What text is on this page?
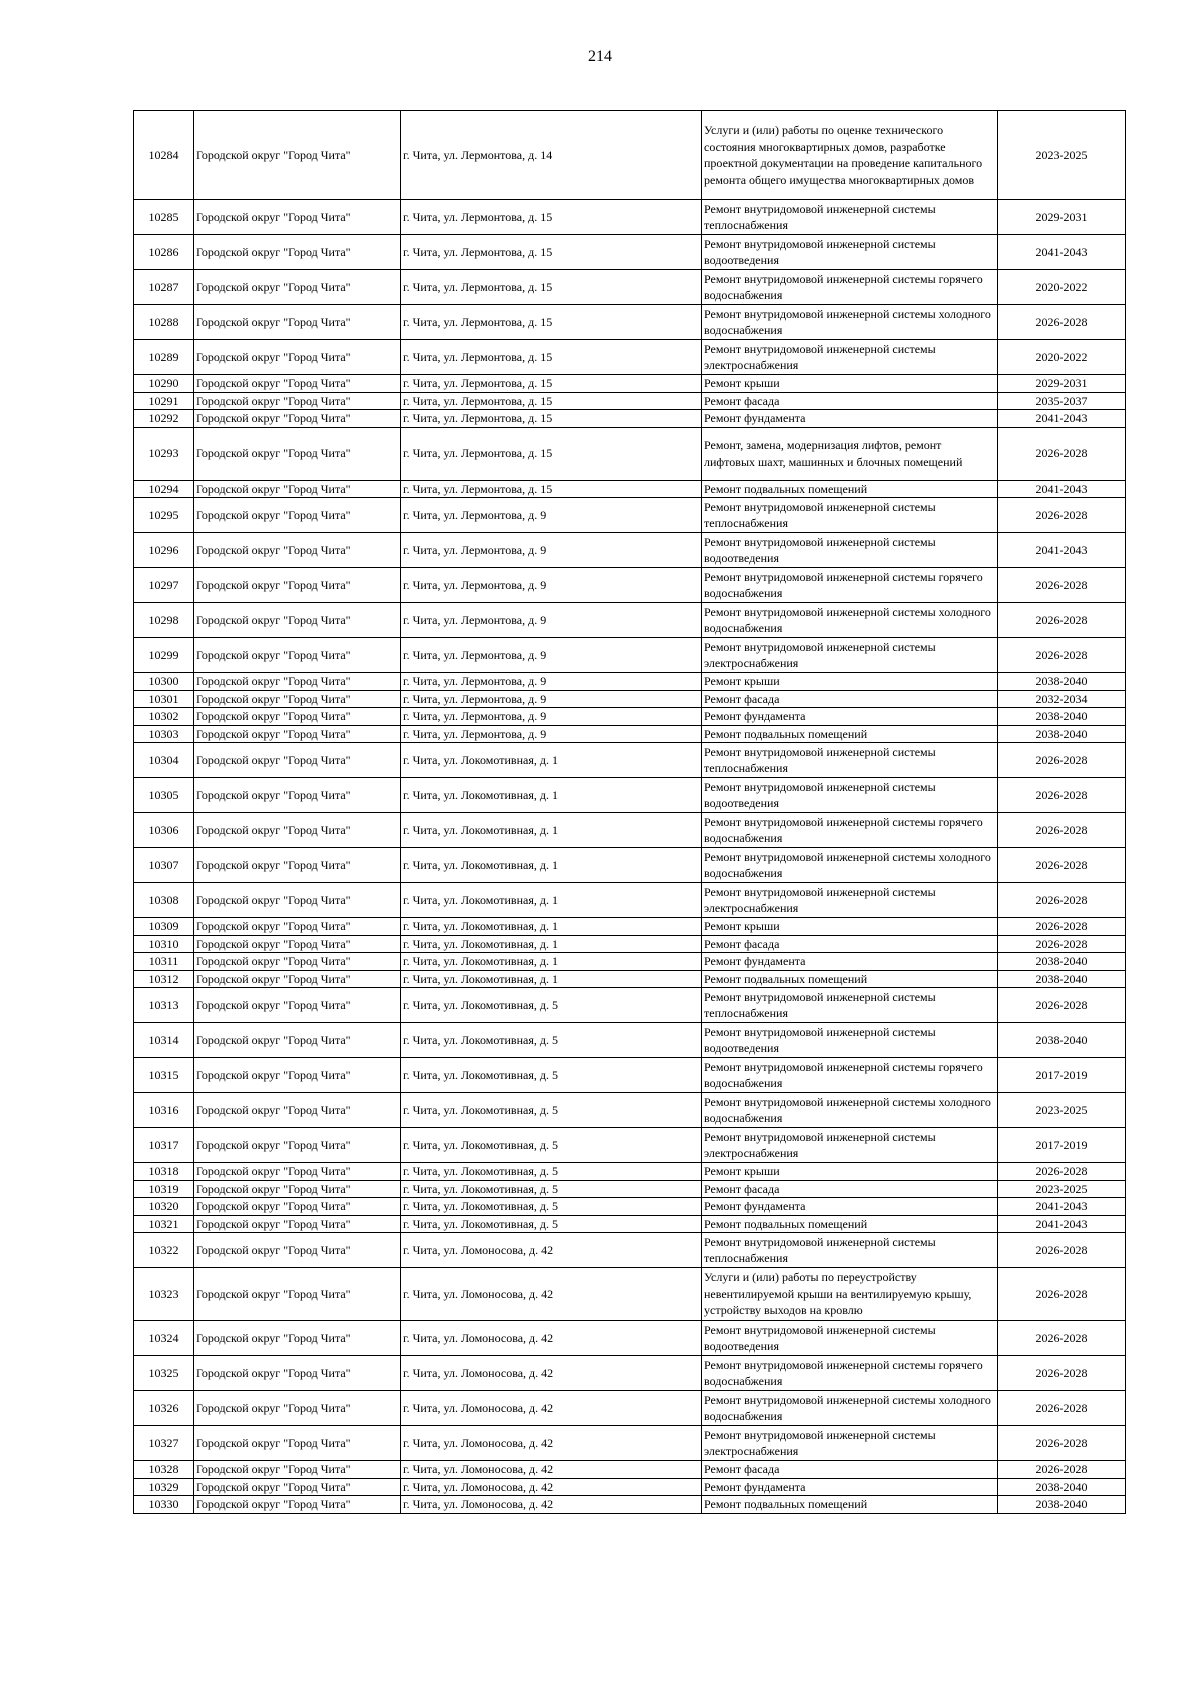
214
10284	Городской округ "Город Чита"	г. Чита, ул. Лермонтова, д. 14	Услуги и (или) работы по оценке технического состояния многоквартирных домов, разработке проектной документации на проведение капитального ремонта общего имущества многоквартирных домов	2023-2025
10285	Городской округ "Город Чита"	г. Чита, ул. Лермонтова, д. 15	Ремонт внутридомовой инженерной системы теплоснабжения	2029-2031
10286	Городской округ "Город Чита"	г. Чита, ул. Лермонтова, д. 15	Ремонт внутридомовой инженерной системы водоотведения	2041-2043
10287	Городской округ "Город Чита"	г. Чита, ул. Лермонтова, д. 15	Ремонт внутридомовой инженерной системы горячего водоснабжения	2020-2022
10288	Городской округ "Город Чита"	г. Чита, ул. Лермонтова, д. 15	Ремонт внутридомовой инженерной системы холодного водоснабжения	2026-2028
10289	Городской округ "Город Чита"	г. Чита, ул. Лермонтова, д. 15	Ремонт внутридомовой инженерной системы электроснабжения	2020-2022
10290	Городской округ "Город Чита"	г. Чита, ул. Лермонтова, д. 15	Ремонт крыши	2029-2031
10291	Городской округ "Город Чита"	г. Чита, ул. Лермонтова, д. 15	Ремонт фасада	2035-2037
10292	Городской округ "Город Чита"	г. Чита, ул. Лермонтова, д. 15	Ремонт фундамента	2041-2043
10293	Городской округ "Город Чита"	г. Чита, ул. Лермонтова, д. 15	Ремонт, замена, модернизация лифтов, ремонт лифтовых шахт, машинных и блочных помещений	2026-2028
10294	Городской округ "Город Чита"	г. Чита, ул. Лермонтова, д. 15	Ремонт подвальных помещений	2041-2043
10295	Городской округ "Город Чита"	г. Чита, ул. Лермонтова, д. 9	Ремонт внутридомовой инженерной системы теплоснабжения	2026-2028
10296	Городской округ "Город Чита"	г. Чита, ул. Лермонтова, д. 9	Ремонт внутридомовой инженерной системы водоотведения	2041-2043
10297	Городской округ "Город Чита"	г. Чита, ул. Лермонтова, д. 9	Ремонт внутридомовой инженерной системы горячего водоснабжения	2026-2028
10298	Городской округ "Город Чита"	г. Чита, ул. Лермонтова, д. 9	Ремонт внутридомовой инженерной системы холодного водоснабжения	2026-2028
10299	Городской округ "Город Чита"	г. Чита, ул. Лермонтова, д. 9	Ремонт внутридомовой инженерной системы электроснабжения	2026-2028
10300	Городской округ "Город Чита"	г. Чита, ул. Лермонтова, д. 9	Ремонт крыши	2038-2040
10301	Городской округ "Город Чита"	г. Чита, ул. Лермонтова, д. 9	Ремонт фасада	2032-2034
10302	Городской округ "Город Чита"	г. Чита, ул. Лермонтова, д. 9	Ремонт фундамента	2038-2040
10303	Городской округ "Город Чита"	г. Чита, ул. Лермонтова, д. 9	Ремонт подвальных помещений	2038-2040
10304	Городской округ "Город Чита"	г. Чита, ул. Локомотивная, д. 1	Ремонт внутридомовой инженерной системы теплоснабжения	2026-2028
10305	Городской округ "Город Чита"	г. Чита, ул. Локомотивная, д. 1	Ремонт внутридомовой инженерной системы водоотведения	2026-2028
10306	Городской округ "Город Чита"	г. Чита, ул. Локомотивная, д. 1	Ремонт внутридомовой инженерной системы горячего водоснабжения	2026-2028
10307	Городской округ "Город Чита"	г. Чита, ул. Локомотивная, д. 1	Ремонт внутридомовой инженерной системы холодного водоснабжения	2026-2028
10308	Городской округ "Город Чита"	г. Чита, ул. Локомотивная, д. 1	Ремонт внутридомовой инженерной системы электроснабжения	2026-2028
10309	Городской округ "Город Чита"	г. Чита, ул. Локомотивная, д. 1	Ремонт крыши	2026-2028
10310	Городской округ "Город Чита"	г. Чита, ул. Локомотивная, д. 1	Ремонт фасада	2026-2028
10311	Городской округ "Город Чита"	г. Чита, ул. Локомотивная, д. 1	Ремонт фундамента	2038-2040
10312	Городской округ "Город Чита"	г. Чита, ул. Локомотивная, д. 1	Ремонт подвальных помещений	2038-2040
10313	Городской округ "Город Чита"	г. Чита, ул. Локомотивная, д. 5	Ремонт внутридомовой инженерной системы теплоснабжения	2026-2028
10314	Городской округ "Город Чита"	г. Чита, ул. Локомотивная, д. 5	Ремонт внутридомовой инженерной системы водоотведения	2038-2040
10315	Городской округ "Город Чита"	г. Чита, ул. Локомотивная, д. 5	Ремонт внутридомовой инженерной системы горячего водоснабжения	2017-2019
10316	Городской округ "Город Чита"	г. Чита, ул. Локомотивная, д. 5	Ремонт внутридомовой инженерной системы холодного водоснабжения	2023-2025
10317	Городской округ "Город Чита"	г. Чита, ул. Локомотивная, д. 5	Ремонт внутридомовой инженерной системы электроснабжения	2017-2019
10318	Городской округ "Город Чита"	г. Чита, ул. Локомотивная, д. 5	Ремонт крыши	2026-2028
10319	Городской округ "Город Чита"	г. Чита, ул. Локомотивная, д. 5	Ремонт фасада	2023-2025
10320	Городской округ "Город Чита"	г. Чита, ул. Локомотивная, д. 5	Ремонт фундамента	2041-2043
10321	Городской округ "Город Чита"	г. Чита, ул. Локомотивная, д. 5	Ремонт подвальных помещений	2041-2043
10322	Городской округ "Город Чита"	г. Чита, ул. Ломоносова, д. 42	Ремонт внутридомовой инженерной системы теплоснабжения	2026-2028
10323	Городской округ "Город Чита"	г. Чита, ул. Ломоносова, д. 42	Услуги и (или) работы по переустройству невентилируемой крыши на вентилируемую крышу, устройству выходов на кровлю	2026-2028
10324	Городской округ "Город Чита"	г. Чита, ул. Ломоносова, д. 42	Ремонт внутридомовой инженерной системы водоотведения	2026-2028
10325	Городской округ "Город Чита"	г. Чита, ул. Ломоносова, д. 42	Ремонт внутридомовой инженерной системы горячего водоснабжения	2026-2028
10326	Городской округ "Город Чита"	г. Чита, ул. Ломоносова, д. 42	Ремонт внутридомовой инженерной системы холодного водоснабжения	2026-2028
10327	Городской округ "Город Чита"	г. Чита, ул. Ломоносова, д. 42	Ремонт внутридомовой инженерной системы электроснабжения	2026-2028
10328	Городской округ "Город Чита"	г. Чита, ул. Ломоносова, д. 42	Ремонт фасада	2026-2028
10329	Городской округ "Город Чита"	г. Чита, ул. Ломоносова, д. 42	Ремонт фундамента	2038-2040
10330	Городской округ "Город Чита"	г. Чита, ул. Ломоносова, д. 42	Ремонт подвальных помещений	2038-2040
